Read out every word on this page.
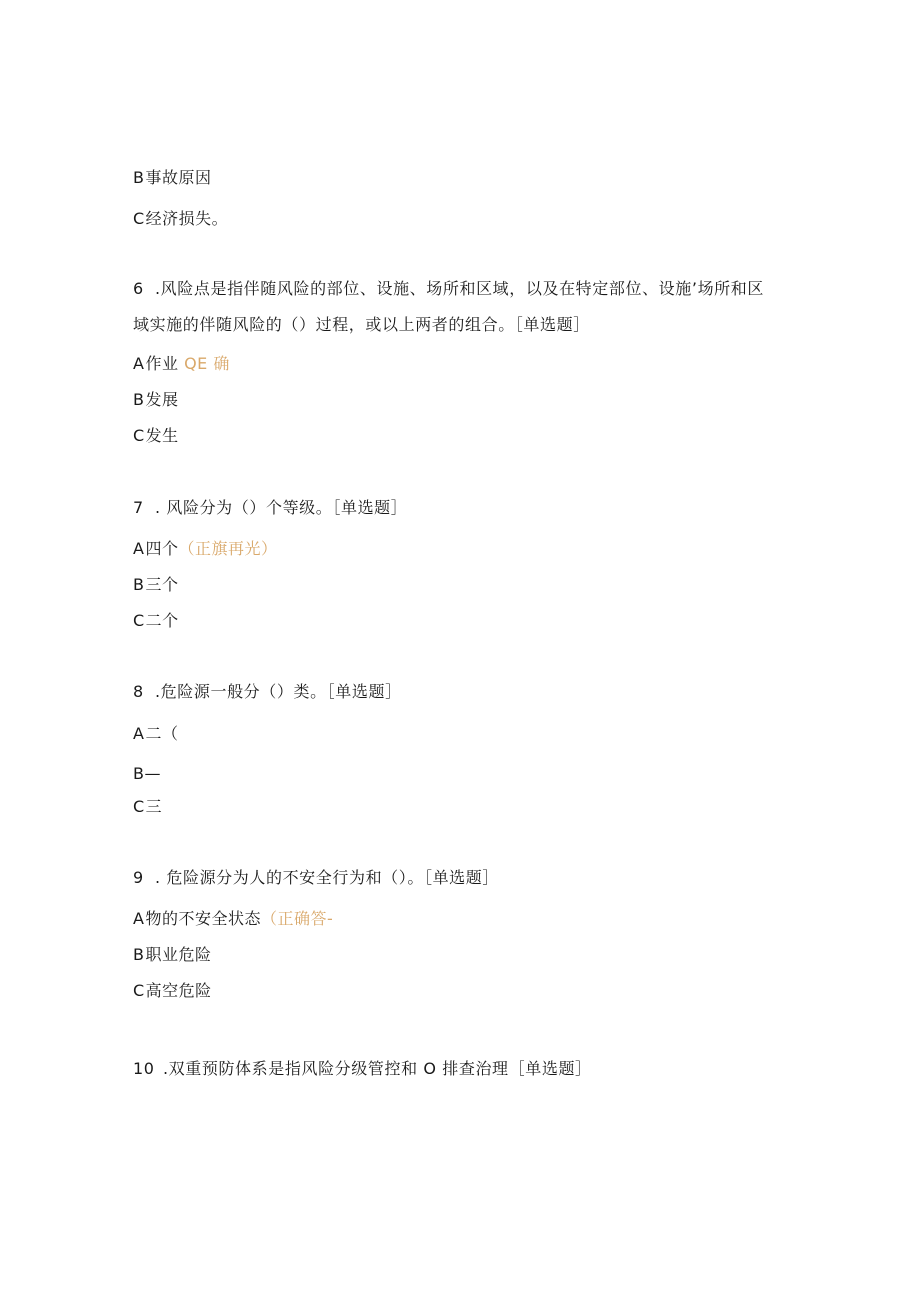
B事故原因
C经济损失。
6 .风险点是指伴随风险的部位、设施、场所和区域，以及在特定部位、设施’场所和区
域实施的伴随风险的（）过程，或以上两者的组合。［单选题］
A作业 QE 确
B发展
C发生
7 . 风险分为（）个等级。［单选题］
A四个（正旗再光）
B三个
C二个
8 .危险源一般分（）类。［单选题］
A二（
B—
C三
9 . 危险源分为人的不安全行为和（）。［单选题］
A物的不安全状态（正确答-
B职业危险
C高空危险
10 .双重预防体系是指风险分级管控和 O 排查治理［单选题］
